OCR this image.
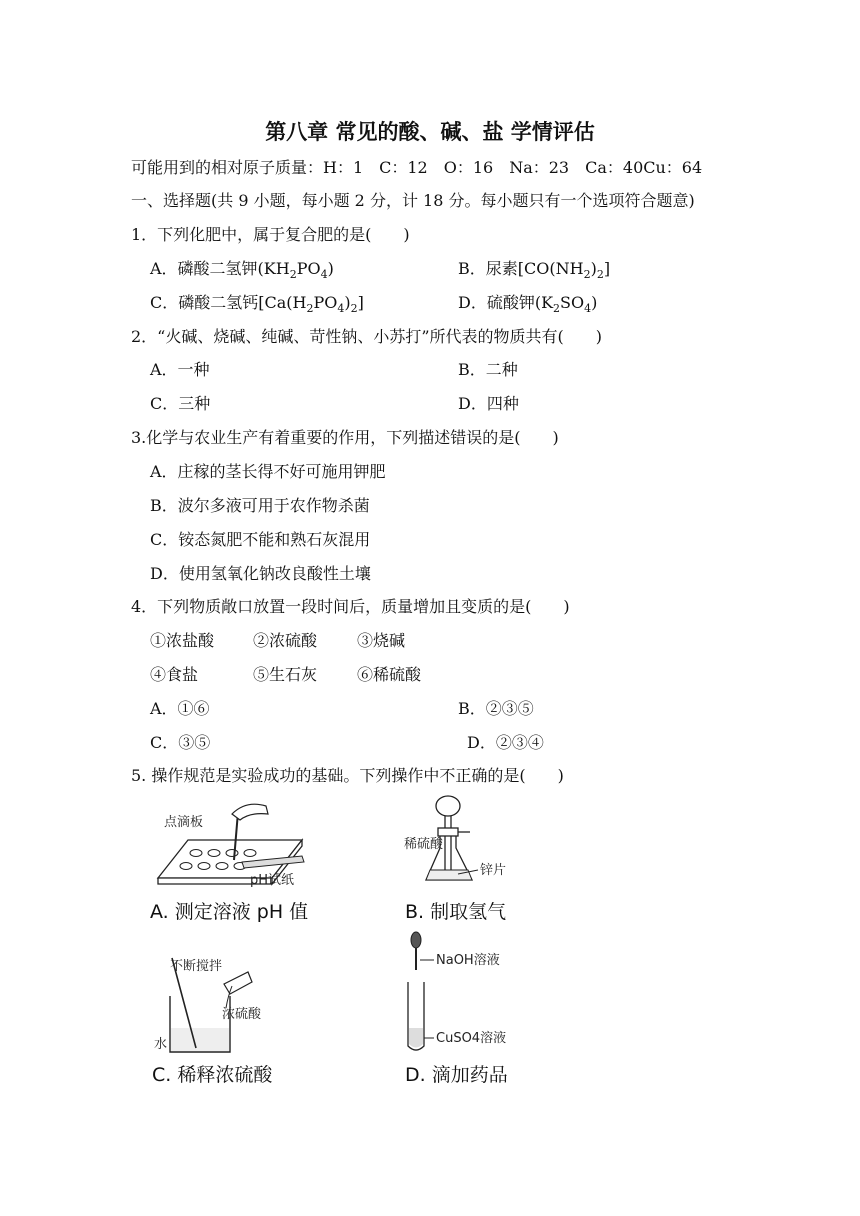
第八章 常见的酸、碱、盐 学情评估
可能用到的相对原子质量：H：1　C：12　O：16　Na：23　Ca：40Cu：64
一、选择题(共 9 小题，每小题 2 分，计 18 分。每小题只有一个选项符合题意)
1．下列化肥中，属于复合肥的是(　　)
A．磷酸二氢钾$(KH_2PO_4)$	B．尿素$[CO(NH_2)_2]$
C．磷酸二氢钙$[Ca(H_2PO_4)_2]$	D．硫酸钾$(K_2SO_4)$
2．“火碱、烧碱、纯碱、苛性钠、小苏打”所代表的物质共有(　　)
A．一种	B．二种
C．三种	D．四种
3.化学与农业生产有着重要的作用，下列描述错误的是(　　)
A．庄稼的茎长得不好可施用钾肥
B．波尔多液可用于农作物杀菌
C．铵态氮肥不能和熟石灰混用
D．使用氢氧化钠改良酸性土壤
4．下列物质敞口放置一段时间后，质量增加且变质的是(　　)
①浓盐酸 ②浓硫酸 ③烧碱
④食盐	⑤生石灰 ⑥稀硫酸
A．①⑥	B．②③⑤
C．③⑤	D．②③④
5. 操作规范是实验成功的基础。下列操作中不正确的是(　　)
点滴板
pH试纸
A. 测定溶液 pH 值
稀硫酸
锌片
B. 制取氢气
不断搅拌
浓硫酸
水
C. 稀释浓硫酸
NaOH溶液
CuSO4溶液
D. 滴加药品
